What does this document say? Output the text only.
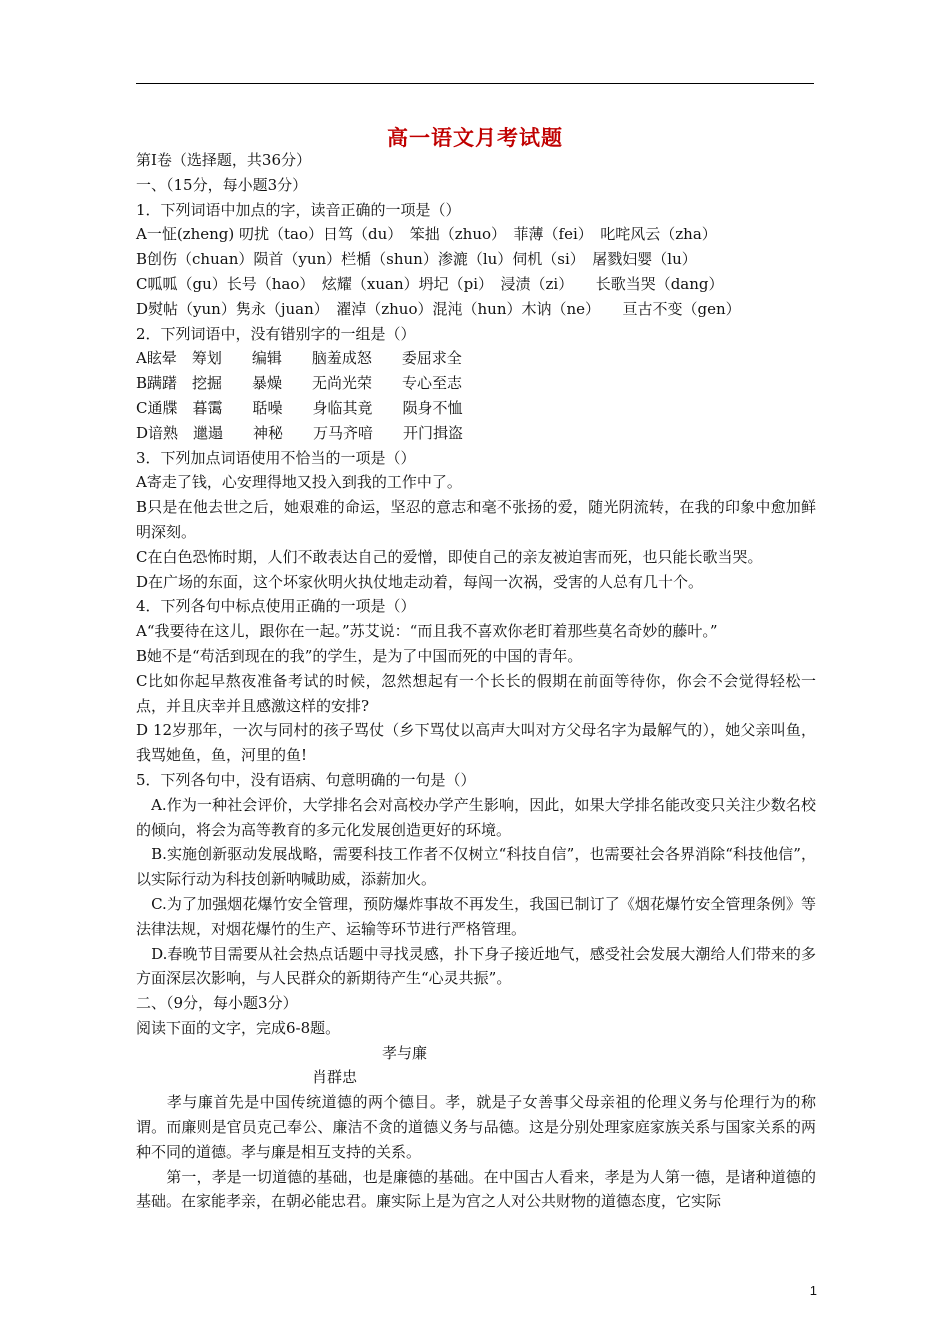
高一语文月考试题

第Ⅰ卷（选择题，共36分）

一、（15分，每小题3分）

1．下列词语中加点的字，读音正确的一项是（）

A一怔(zheng) 叨扰（tao）日笃（du）　笨拙（zhuo）　菲薄（fei）　叱咤风云（zha）

B创伤（chuan）陨首（yun）栏楯（shun）渗漉（lu）伺机（si）　屠戮妇婴（lu）

C呱呱（gu）长号（hao）　炫耀（xuan）坍圮（pi）　浸渍（zi）　　长歌当哭（dang）

D熨帖（yun）隽永（juan）　濯淖（zhuo）混沌（hun）木讷（ne）　　亘古不变（gen）

2．下列词语中，没有错别字的一组是（）

A眩晕　筹划　　编辑　　脑羞成怒　　委屈求全

B蹒躇　挖掘　　暴燥　　无尚光荣　　专心至志

C通牒　暮霭　　聒噪　　身临其竟　　陨身不恤

D谙熟　邋遢　　神秘　　万马齐喑　　开门揖盗

3．下列加点词语使用不恰当的一项是（）

A寄走了钱，心安理得地又投入到我的工作中了。

B只是在他去世之后，她艰难的命运，坚忍的意志和毫不张扬的爱，随光阴流转，在我的印象中愈加鲜明深刻。

C在白色恐怖时期，人们不敢表达自己的爱憎，即使自己的亲友被迫害而死，也只能长歌当哭。

D在广场的东面，这个坏家伙明火执仗地走动着，每闯一次祸，受害的人总有几十个。

4．下列各句中标点使用正确的一项是（）

A“我要待在这儿，跟你在一起。”苏艾说：“而且我不喜欢你老盯着那些莫名奇妙的藤叶。”

B她不是“苟活到现在的我”的学生，是为了中国而死的中国的青年。

C比如你起早熬夜准备考试的时候，忽然想起有一个长长的假期在前面等待你，你会不会觉得轻松一点，并且庆幸并且感激这样的安排?

D 12岁那年，一次与同村的孩子骂仗（乡下骂仗以高声大叫对方父母名字为最解气的），她父亲叫鱼，我骂她鱼，鱼，河里的鱼!

5．下列各句中，没有语病、句意明确的一句是（）

　A.作为一种社会评价，大学排名会对高校办学产生影响，因此，如果大学排名能改变只关注少数名校的倾向，将会为高等教育的多元化发展创造更好的环境。

　B.实施创新驱动发展战略，需要科技工作者不仅树立“科技自信”，也需要社会各界消除“科技他信”，以实际行动为科技创新呐喊助威，添薪加火。

　C.为了加强烟花爆竹安全管理，预防爆炸事故不再发生，我国已制订了《烟花爆竹安全管理条例》等法律法规，对烟花爆竹的生产、运输等环节进行严格管理。

　D.春晚节目需要从社会热点话题中寻找灵感，扑下身子接近地气，感受社会发展大潮给人们带来的多方面深层次影响，与人民群众的新期待产生“心灵共振”。

二、（9分，每小题3分）

阅读下面的文字，完成6-8题。

孝与廉

肖群忠

　　孝与廉首先是中国传统道德的两个德目。孝，就是子女善事父母亲祖的伦理义务与伦理行为的称谓。而廉则是官员克己奉公、廉洁不贪的道德义务与品德。这是分别处理家庭家族关系与国家关系的两种不同的道德。孝与廉是相互支持的关系。

　　第一，孝是一切道德的基础，也是廉德的基础。在中国古人看来，孝是为人第一德，是诸种道德的基础。在家能孝亲，在朝必能忠君。廉实际上是为宫之人对公共财物的道德态度，它实际

1
